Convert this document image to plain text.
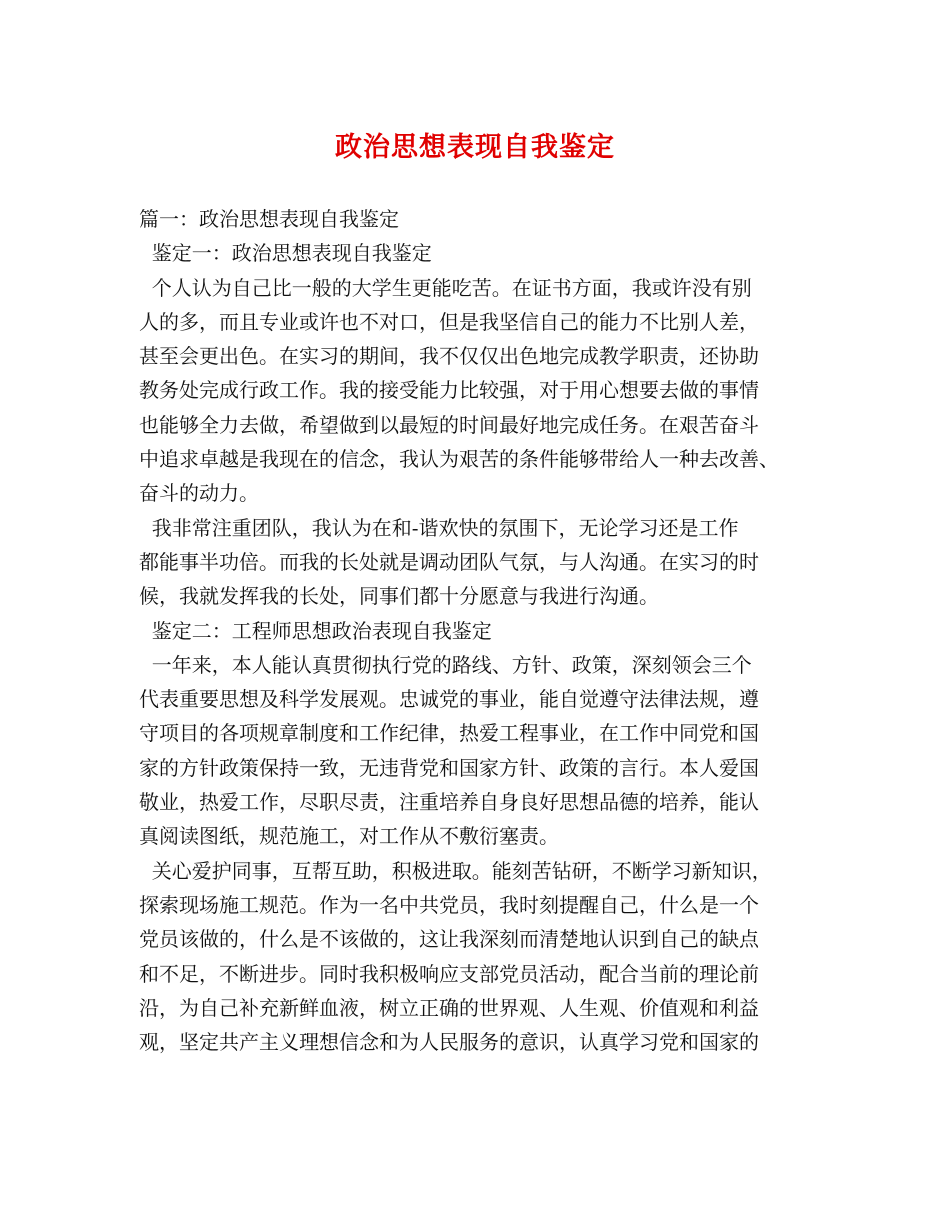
政治思想表现自我鉴定
篇一：政治思想表现自我鉴定
鉴定一：政治思想表现自我鉴定
个人认为自己比一般的大学生更能吃苦。在证书方面，我或许没有别
人的多，而且专业或许也不对口，但是我坚信自己的能力不比别人差，
甚至会更出色。在实习的期间，我不仅仅出色地完成教学职责，还协助
教务处完成行政工作。我的接受能力比较强，对于用心想要去做的事情
也能够全力去做，希望做到以最短的时间最好地完成任务。在艰苦奋斗
中追求卓越是我现在的信念，我认为艰苦的条件能够带给人一种去改善、
奋斗的动力。
我非常注重团队，我认为在和-谐欢快的氛围下，无论学习还是工作
都能事半功倍。而我的长处就是调动团队气氛，与人沟通。在实习的时
候，我就发挥我的长处，同事们都十分愿意与我进行沟通。
鉴定二：工程师思想政治表现自我鉴定
一年来，本人能认真贯彻执行党的路线、方针、政策，深刻领会三个
代表重要思想及科学发展观。忠诚党的事业，能自觉遵守法律法规，遵
守项目的各项规章制度和工作纪律，热爱工程事业，在工作中同党和国
家的方针政策保持一致，无违背党和国家方针、政策的言行。本人爱国
敬业，热爱工作，尽职尽责，注重培养自身良好思想品德的培养，能认
真阅读图纸，规范施工，对工作从不敷衍塞责。
关心爱护同事，互帮互助，积极进取。能刻苦钻研，不断学习新知识，
探索现场施工规范。作为一名中共党员，我时刻提醒自己，什么是一个
党员该做的，什么是不该做的，这让我深刻而清楚地认识到自己的缺点
和不足，不断进步。同时我积极响应支部党员活动，配合当前的理论前
沿，为自己补充新鲜血液，树立正确的世界观、人生观、价值观和利益
观，坚定共产主义理想信念和为人民服务的意识，认真学习党和国家的
